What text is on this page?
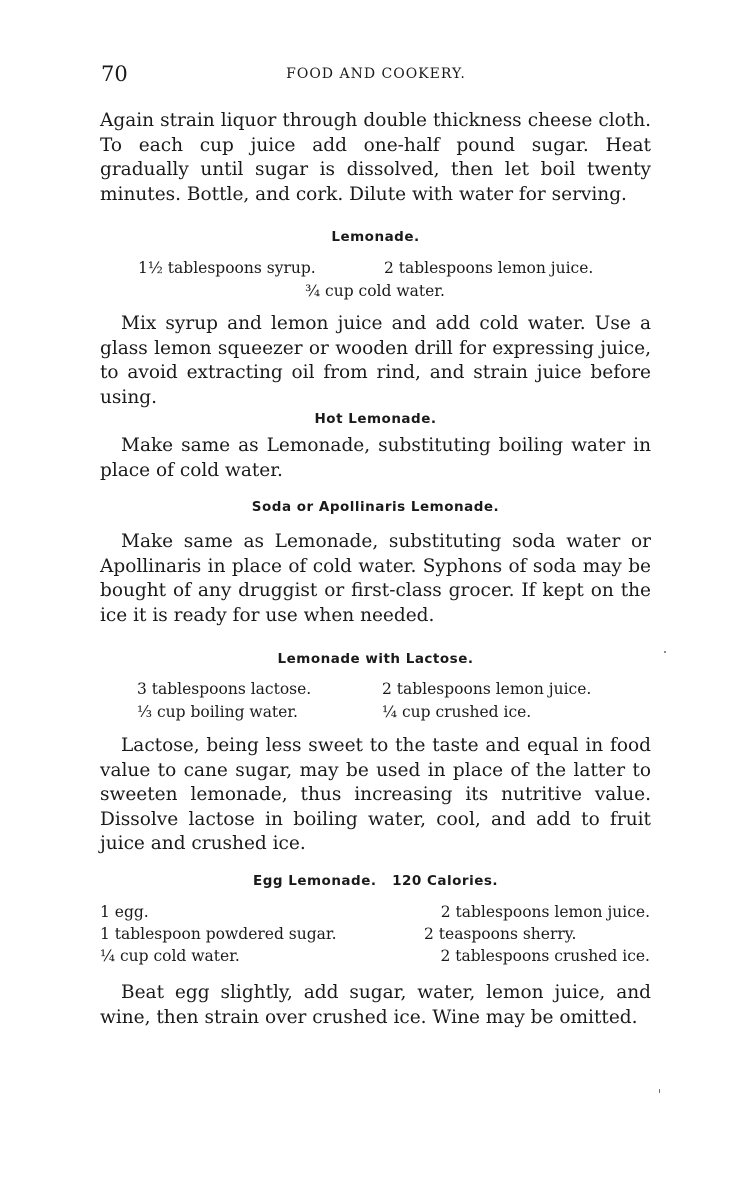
70	FOOD AND COOKERY.

Again strain liquor through double thickness cheese cloth. To each cup juice add one-half pound sugar. Heat gradually until sugar is dissolved, then let boil twenty minutes. Bottle, and cork. Dilute with water for serving.

Lemonade.
1½ tablespoons syrup.	2 tablespoons lemon juice.
¾ cup cold water.

Mix syrup and lemon juice and add cold water. Use a glass lemon squeezer or wooden drill for expressing juice, to avoid extracting oil from rind, and strain juice before using.

Hot Lemonade.

Make same as Lemonade, substituting boiling water in place of cold water.

Soda or Apollinaris Lemonade.

Make same as Lemonade, substituting soda water or Apollinaris in place of cold water. Syphons of soda may be bought of any druggist or first-class grocer. If kept on the ice it is ready for use when needed.

Lemonade with Lactose.
3 tablespoons lactose.	2 tablespoons lemon juice.
⅓ cup boiling water.	¼ cup crushed ice.

Lactose, being less sweet to the taste and equal in food value to cane sugar, may be used in place of the latter to sweeten lemonade, thus increasing its nutritive value. Dissolve lactose in boiling water, cool, and add to fruit juice and crushed ice.

Egg Lemonade. 120 Calories.
1 egg.	2 tablespoons lemon juice.
1 tablespoon powdered sugar.	2 teaspoons sherry.
¼ cup cold water.	2 tablespoons crushed ice.

Beat egg slightly, add sugar, water, lemon juice, and wine, then strain over crushed ice. Wine may be omitted.
